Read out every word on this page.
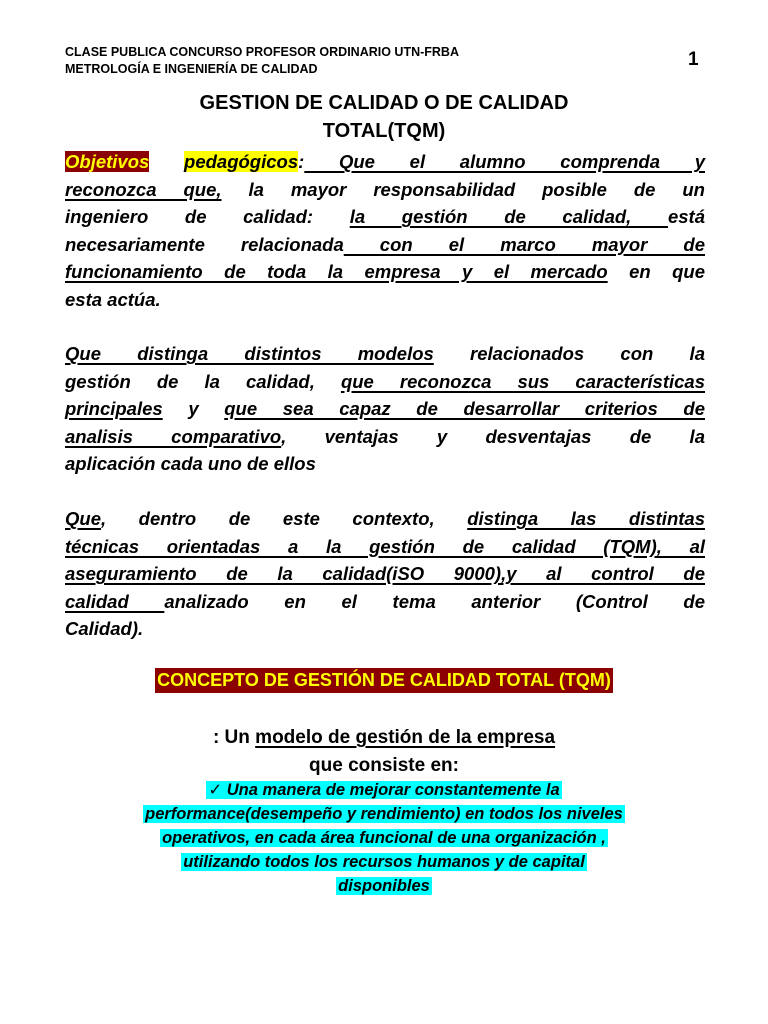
CLASE PUBLICA CONCURSO PROFESOR ORDINARIO UTN-FRBA
METROLOGÍA E INGENIERÍA DE CALIDAD	1
GESTION DE CALIDAD O DE CALIDAD
TOTAL(TQM)
Objetivos pedagógicos: Que el alumno comprenda y
reconozca que, la mayor responsabilidad posible de un
ingeniero de calidad: la gestión de calidad, está
necesariamente relacionada con el marco mayor de
funcionamiento de toda la empresa y el mercado en que
esta actúa.
Que distinga distintos modelos relacionados con la
gestión de la calidad, que reconozca sus características
principales y que sea capaz de desarrollar criterios de
analisis comparativo, ventajas y desventajas de la
aplicación cada uno de ellos
Que, dentro de este contexto, distinga las distintas
técnicas orientadas a la gestión de calidad (TQM), al
aseguramiento de la calidad(iSO 9000),y al control de
calidad analizado en el tema anterior (Control de
Calidad).
CONCEPTO DE GESTIÓN DE CALIDAD TOTAL (TQM)
: Un modelo de gestión de la empresa
que consiste en:
✓ Una manera de mejorar constantemente la
performance(desempeño y rendimiento) en todos los niveles
operativos, en cada área funcional de una organización ,
utilizando todos los recursos humanos y de capital
disponibles
